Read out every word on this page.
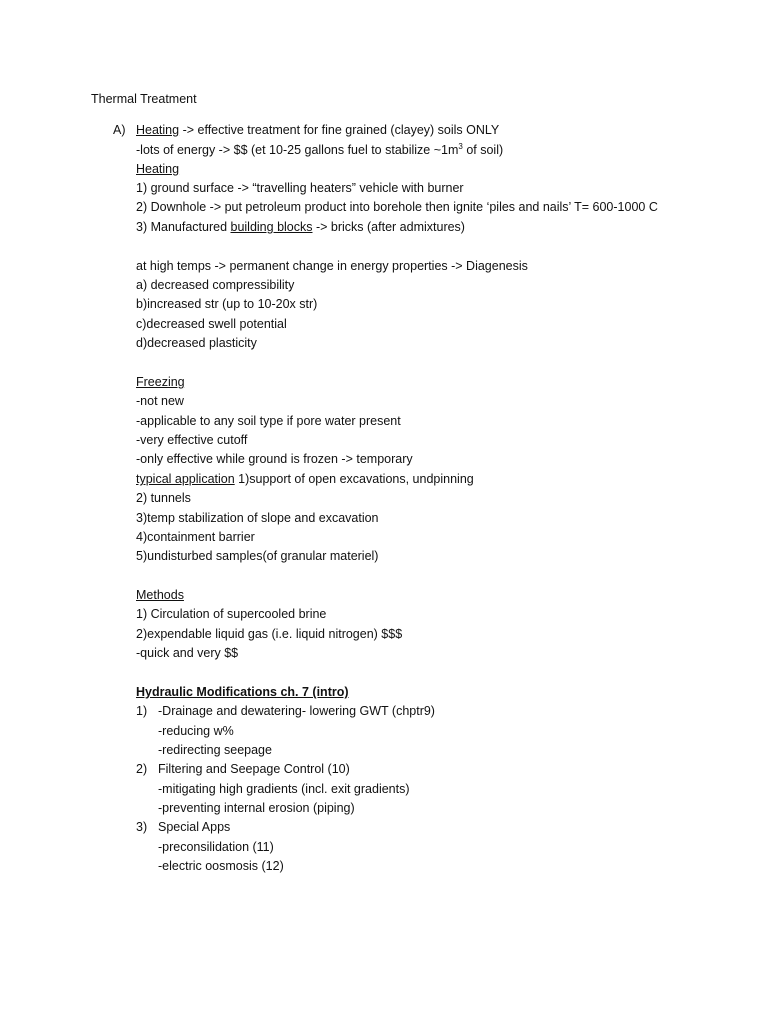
Thermal Treatment
A) Heating -> effective treatment for fine grained (clayey) soils ONLY
-lots of energy -> $$ (et 10-25 gallons fuel to stabilize $\sim 1m^3$ of soil)
Heating
1) ground surface -> “travelling heaters” vehicle with burner
2) Downhole -> put petroleum product into borehole then ignite ‘piles and nails’ T= 600-1000 C
3) Manufactured building blocks -> bricks (after admixtures)
at high temps -> permanent change in energy properties -> Diagenesis
a) decreased compressibility
b)increased str (up to 10-20x str)
c)decreased swell potential
d)decreased plasticity
Freezing
-not new
-applicable to any soil type if pore water present
-very effective cutoff
-only effective while ground is frozen -> temporary
typical application 1)support of open excavations, undpinning
2) tunnels
3)temp stabilization of slope and excavation
4)containment barrier
5)undisturbed samples(of granular materiel)
Methods
1) Circulation of supercooled brine
2)expendable liquid gas (i.e. liquid nitrogen) $$$
-quick and very $$
Hydraulic Modifications ch. 7 (intro)
1) -Drainage and dewatering- lowering GWT (chptr9)
-reducing w%
-redirecting seepage
2) Filtering and Seepage Control (10)
-mitigating high gradients (incl. exit gradients)
-preventing internal erosion (piping)
3) Special Apps
-preconsilidation (11)
-electric oosmosis (12)
